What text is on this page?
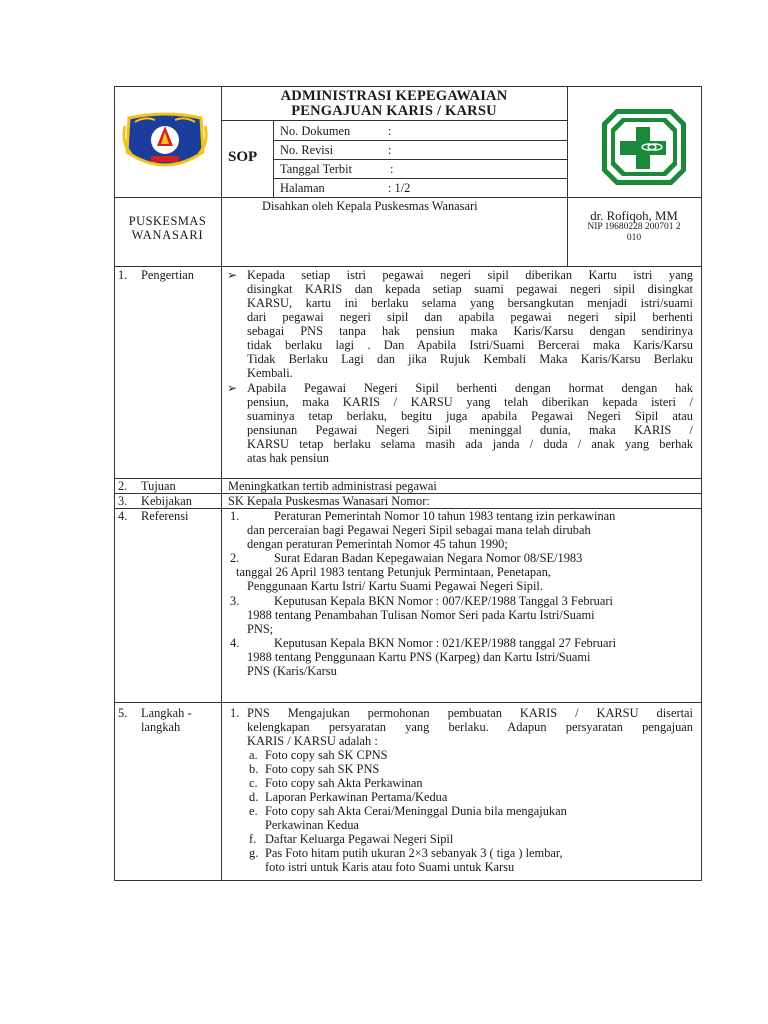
ADMINISTRASI KEPEGAWAIAN
PENGAJUAN KARIS / KARSU
SOP
No. Dokumen	:
No. Revisi	:
Tanggal Terbit	:
Halaman	: 1/2
PUSKESMAS
WANASARI
Disahkan oleh Kepala Puskesmas Wanasari
dr. Rofiqoh, MM
NIP 19680228 200701 2
010
1. Pengertian	➢ Kepada setiap istri pegawai negeri sipil diberikan Kartu istri yang
disingkat KARIS dan kepada setiap suami pegawai negeri sipil disingkat
KARSU, kartu ini berlaku selama yang bersangkutan menjadi istri/suami
dari pegawai negeri sipil dan apabila pegawai negeri sipil berhenti
sebagai PNS tanpa hak pensiun maka Karis/Karsu dengan sendirinya
tidak berlaku lagi . Dan Apabila Istri/Suami Bercerai maka Karis/Karsu
Tidak Berlaku Lagi dan jika Rujuk Kembali Maka Karis/Karsu Berlaku
Kembali.
➢ Apabila Pegawai Negeri Sipil berhenti dengan hormat dengan hak
pensiun, maka KARIS / KARSU yang telah diberikan kepada isteri /
suaminya tetap berlaku, begitu juga apabila Pegawai Negeri Sipil atau
pensiunan Pegawai Negeri Sipil meninggal dunia, maka KARIS /
KARSU tetap berlaku selama masih ada janda / duda / anak yang berhak
atas hak pensiun
2. Tujuan	Meningkatkan tertib administrasi pegawai
3. Kebijakan	SK Kepala Puskesmas Wanasari Nomor:
4. Referensi	1.	Peraturan Pemerintah Nomor 10 tahun 1983 tentang izin perkawinan
dan perceraian bagi Pegawai Negeri Sipil sebagai mana telah dirubah
dengan peraturan Pemerintah Nomor 45 tahun 1990;
2.	Surat Edaran Badan Kepegawaian Negara Nomor 08/SE/1983
tanggal 26 April 1983 tentang Petunjuk Permintaan, Penetapan,
Penggunaan Kartu Istri/ Kartu Suami Pegawai Negeri Sipil.
3.	Keputusan Kepala BKN Nomor : 007/KEP/1988 Tanggal 3 Februari
1988 tentang Penambahan Tulisan Nomor Seri pada Kartu Istri/Suami
PNS;
4.	Keputusan Kepala BKN Nomor : 021/KEP/1988 tanggal 27 Februari
1988 tentang Penggunaan Kartu PNS (Karpeg) dan Kartu Istri/Suami
PNS (Karis/Karsu
5. Langkah -
langkah
1. PNS Mengajukan permohonan pembuatan KARIS / KARSU disertai
kelengkapan persyaratan yang berlaku. Adapun persyaratan pengajuan
KARIS / KARSU adalah :
a. Foto copy sah SK CPNS
b. Foto copy sah SK PNS
c. Foto copy sah Akta Perkawinan
d. Laporan Perkawinan Pertama/Kedua
e. Foto copy sah Akta Cerai/Meninggal Dunia bila mengajukan
Perkawinan Kedua
f. Daftar Keluarga Pegawai Negeri Sipil
g. Pas Foto hitam putih ukuran 2×3 sebanyak 3 ( tiga ) lembar,
foto istri untuk Karis atau foto Suami untuk Karsu
